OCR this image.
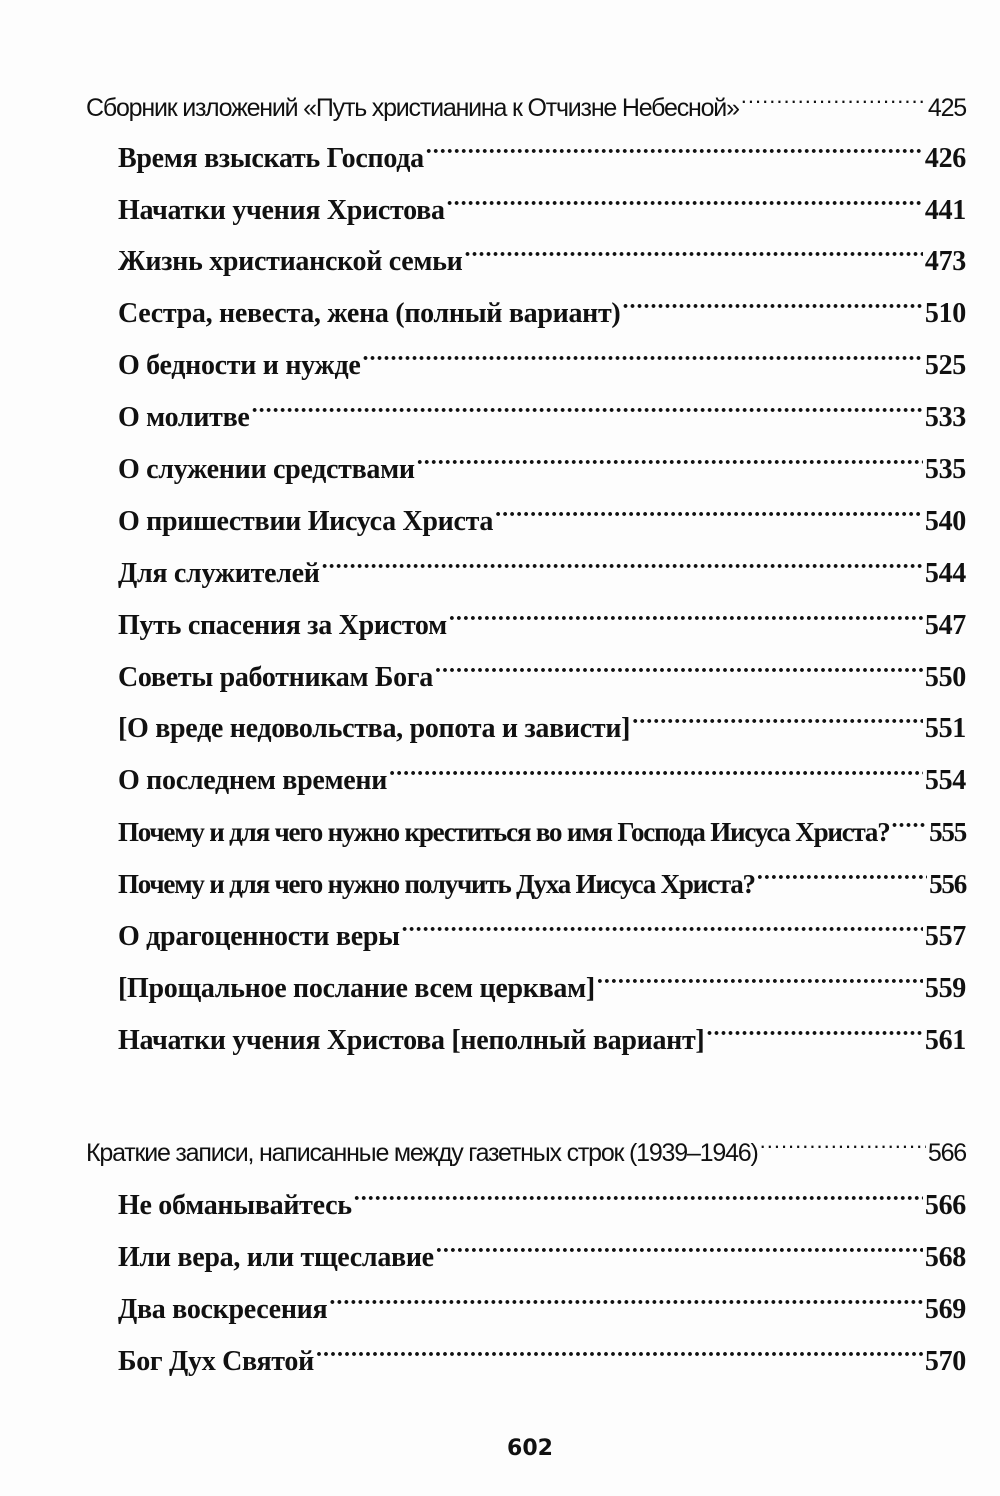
Сборник изложений «Путь христианина к Отчизне Небесной» .....	425
Время взыскать Господа .....	426
Начатки учения Христова .....	441
Жизнь христианской семьи .....	473
Сестра, невеста, жена (полный вариант) .....	510
О бедности и нужде .....	525
О молитве .....	533
О служении средствами .....	535
О пришествии Иисуса Христа .....	540
Для служителей .....	544
Путь спасения за Христом .....	547
Советы работникам Бога .....	550
[О вреде недовольства, ропота и зависти] .....	551
О последнем времени .....	554
Почему и для чего нужно креститься во имя Господа Иисуса Христа? ..... 555
Почему и для чего нужно получить Духа Иисуса Христа? .....	556
О драгоценности веры .....	557
[Прощальное послание всем церквам] .....	559
Начатки учения Христова [неполный вариант] .....	561
Краткие записи, написанные между газетных строк (1939–1946) .....	566
Не обманывайтесь .....	566
Или вера, или тщеславие .....	568
Два воскресения .....	569
Бог Дух Святой .....	570
602
